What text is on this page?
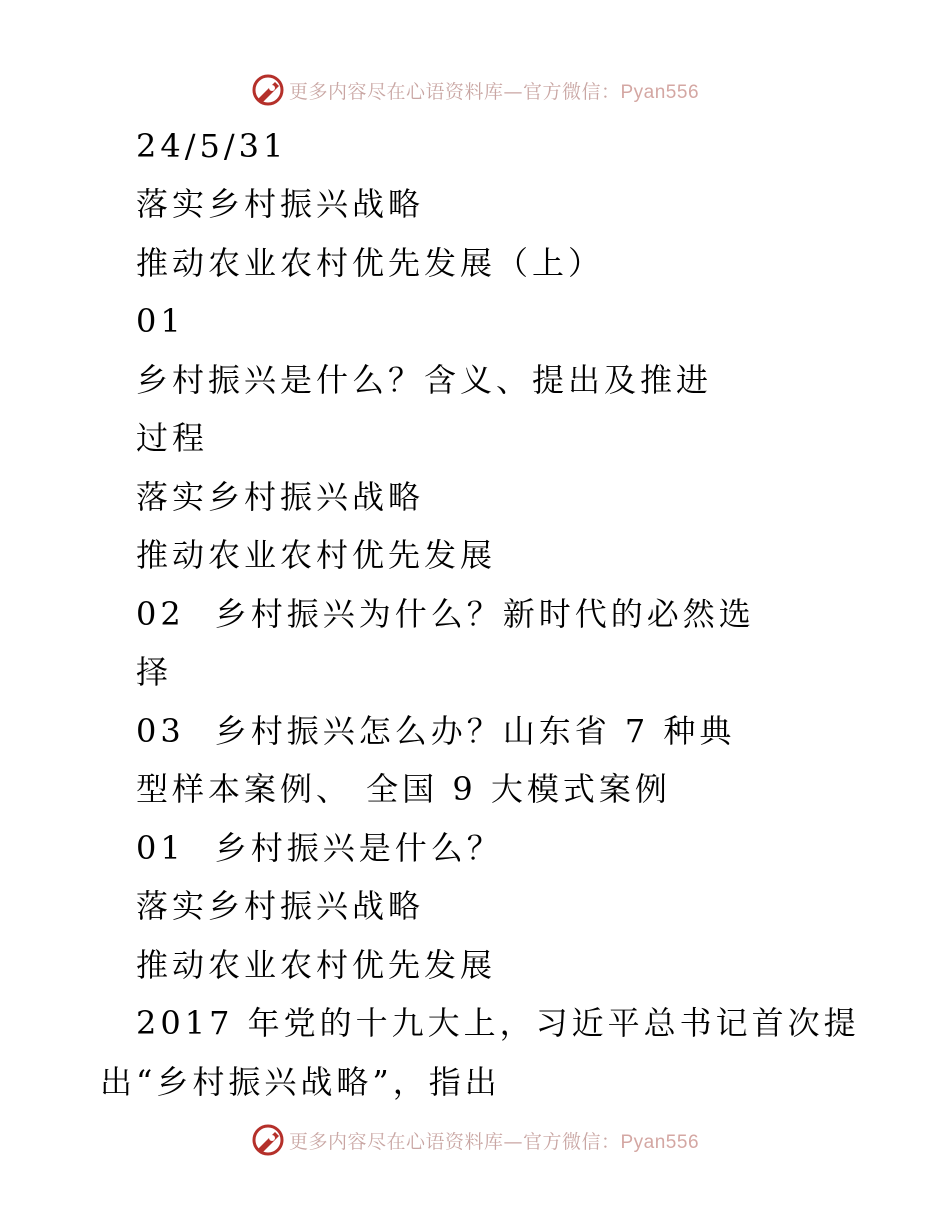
更多内容尽在心语资料库—官方微信：Pyan556
24/5/31
落实乡村振兴战略
推动农业农村优先发展（上）
01
乡村振兴是什么？含义、提出及推进
过程
落实乡村振兴战略
推动农业农村优先发展
02 乡村振兴为什么？新时代的必然选
择
03 乡村振兴怎么办？山东省 7 种典
型样本案例、 全国 9 大模式案例
01 乡村振兴是什么？
落实乡村振兴战略
推动农业农村优先发展
2017 年党的十九大上，习近平总书记首次提
出“乡村振兴战略”，指出
更多内容尽在心语资料库—官方微信：Pyan556
